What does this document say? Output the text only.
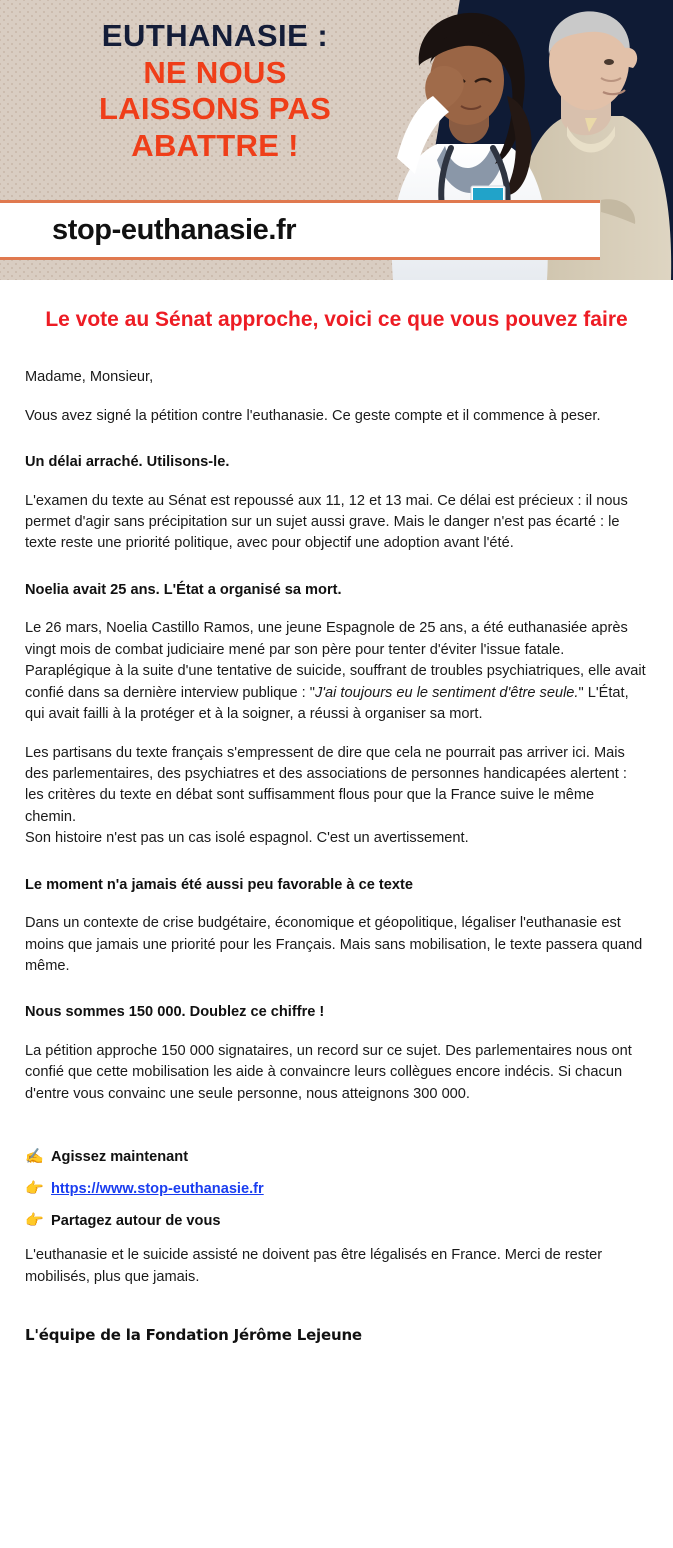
EUTHANASIE :

NE NOUS

LAISSONS PAS

ABATTRE !

stop-euthanasie.fr
Le vote au Sénat approche, voici ce que vous pouvez faire

Madame, Monsieur,

Vous avez signé la pétition contre l'euthanasie. Ce geste compte et il commence à peser.

Un délai arraché. Utilisons-le.

L'examen du texte au Sénat est repoussé aux 11, 12 et 13 mai. Ce délai est précieux : il nous permet d'agir sans précipitation sur un sujet aussi grave. Mais le danger n'est pas écarté : le texte reste une priorité politique, avec pour objectif une adoption avant l'été.

Noelia avait 25 ans. L'État a organisé sa mort.

Le 26 mars, Noelia Castillo Ramos, une jeune Espagnole de 25 ans, a été euthanasiée après vingt mois de combat judiciaire mené par son père pour tenter d'éviter l'issue fatale. Paraplégique à la suite d'une tentative de suicide, souffrant de troubles psychiatriques, elle avait confié dans sa dernière interview publique : "J'ai toujours eu le sentiment d'être seule." L'État, qui avait failli à la protéger et à la soigner, a réussi à organiser sa mort.

Les partisans du texte français s'empressent de dire que cela ne pourrait pas arriver ici. Mais des parlementaires, des psychiatres et des associations de personnes handicapées alertent : les critères du texte en débat sont suffisamment flous pour que la France suive le même chemin.

Son histoire n'est pas un cas isolé espagnol. C'est un avertissement.

Le moment n'a jamais été aussi peu favorable à ce texte

Dans un contexte de crise budgétaire, économique et géopolitique, légaliser l'euthanasie est moins que jamais une priorité pour les Français. Mais sans mobilisation, le texte passera quand même.

Nous sommes 150 000. Doublez ce chiffre !

La pétition approche 150 000 signataires, un record sur ce sujet. Des parlementaires nous ont confié que cette mobilisation les aide à convaincre leurs collègues encore indécis. Si chacun d'entre vous convainc une seule personne, nous atteignons 300 000.

✍️ Agissez maintenant
👉 https://www.stop-euthanasie.fr
👉 Partagez autour de vous

L'euthanasie et le suicide assisté ne doivent pas être légalisés en France. Merci de rester mobilisés, plus que jamais.

L'équipe de la Fondation Jérôme Lejeune
